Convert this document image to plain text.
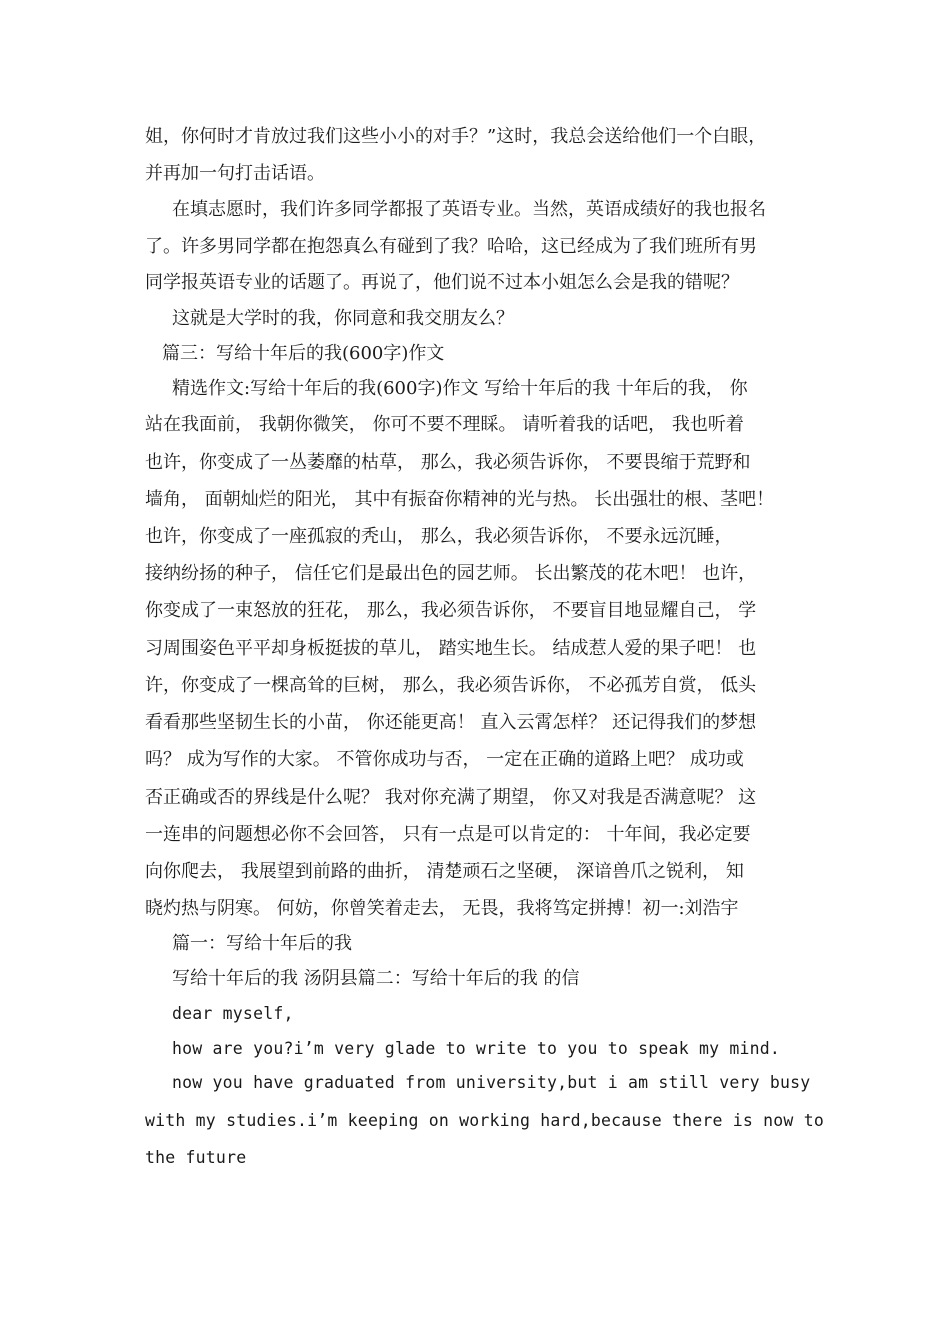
姐，你何时才肯放过我们这些小小的对手？”这时，我总会送给他们一个白眼，
并再加一句打击话语。
在填志愿时，我们许多同学都报了英语专业。当然，英语成绩好的我也报名
了。许多男同学都在抱怨真么有碰到了我？哈哈，这已经成为了我们班所有男
同学报英语专业的话题了。再说了，他们说不过本小姐怎么会是我的错呢？
这就是大学时的我，你同意和我交朋友么？
篇三：写给十年后的我(600字)作文
精选作文:写给十年后的我(600字)作文 写给十年后的我 十年后的我， 你
站在我面前， 我朝你微笑， 你可不要不理睬。 请听着我的话吧， 我也听着
也许，你变成了一丛萎靡的枯草， 那么，我必须告诉你， 不要畏缩于荒野和
墙角， 面朝灿烂的阳光， 其中有振奋你精神的光与热。 长出强壮的根、茎吧！
也许，你变成了一座孤寂的秃山， 那么，我必须告诉你， 不要永远沉睡，
接纳纷扬的种子， 信任它们是最出色的园艺师。 长出繁茂的花木吧！ 也许，
你变成了一束怒放的狂花， 那么，我必须告诉你， 不要盲目地显耀自己， 学
习周围姿色平平却身板挺拔的草儿， 踏实地生长。 结成惹人爱的果子吧！ 也
许，你变成了一棵高耸的巨树， 那么，我必须告诉你， 不必孤芳自赏， 低头
看看那些坚韧生长的小苗， 你还能更高！ 直入云霄怎样？ 还记得我们的梦想
吗？ 成为写作的大家。 不管你成功与否， 一定在正确的道路上吧？ 成功或
否正确或否的界线是什么呢？ 我对你充满了期望， 你又对我是否满意呢？ 这
一连串的问题想必你不会回答， 只有一点是可以肯定的： 十年间，我必定要
向你爬去， 我展望到前路的曲折， 清楚顽石之坚硬， 深谙兽爪之锐利， 知
晓灼热与阴寒。 何妨，你曾笑着走去， 无畏，我将笃定拼搏！初一:刘浩宇
篇一：写给十年后的我
写给十年后的我 汤阴县篇二：写给十年后的我 的信
dear myself,
how are you?i’m very glade to write to you to speak my mind.
now you have graduated from university,but i am still very busy
with my studies.i’m keeping on working hard,because there is now to
the future
